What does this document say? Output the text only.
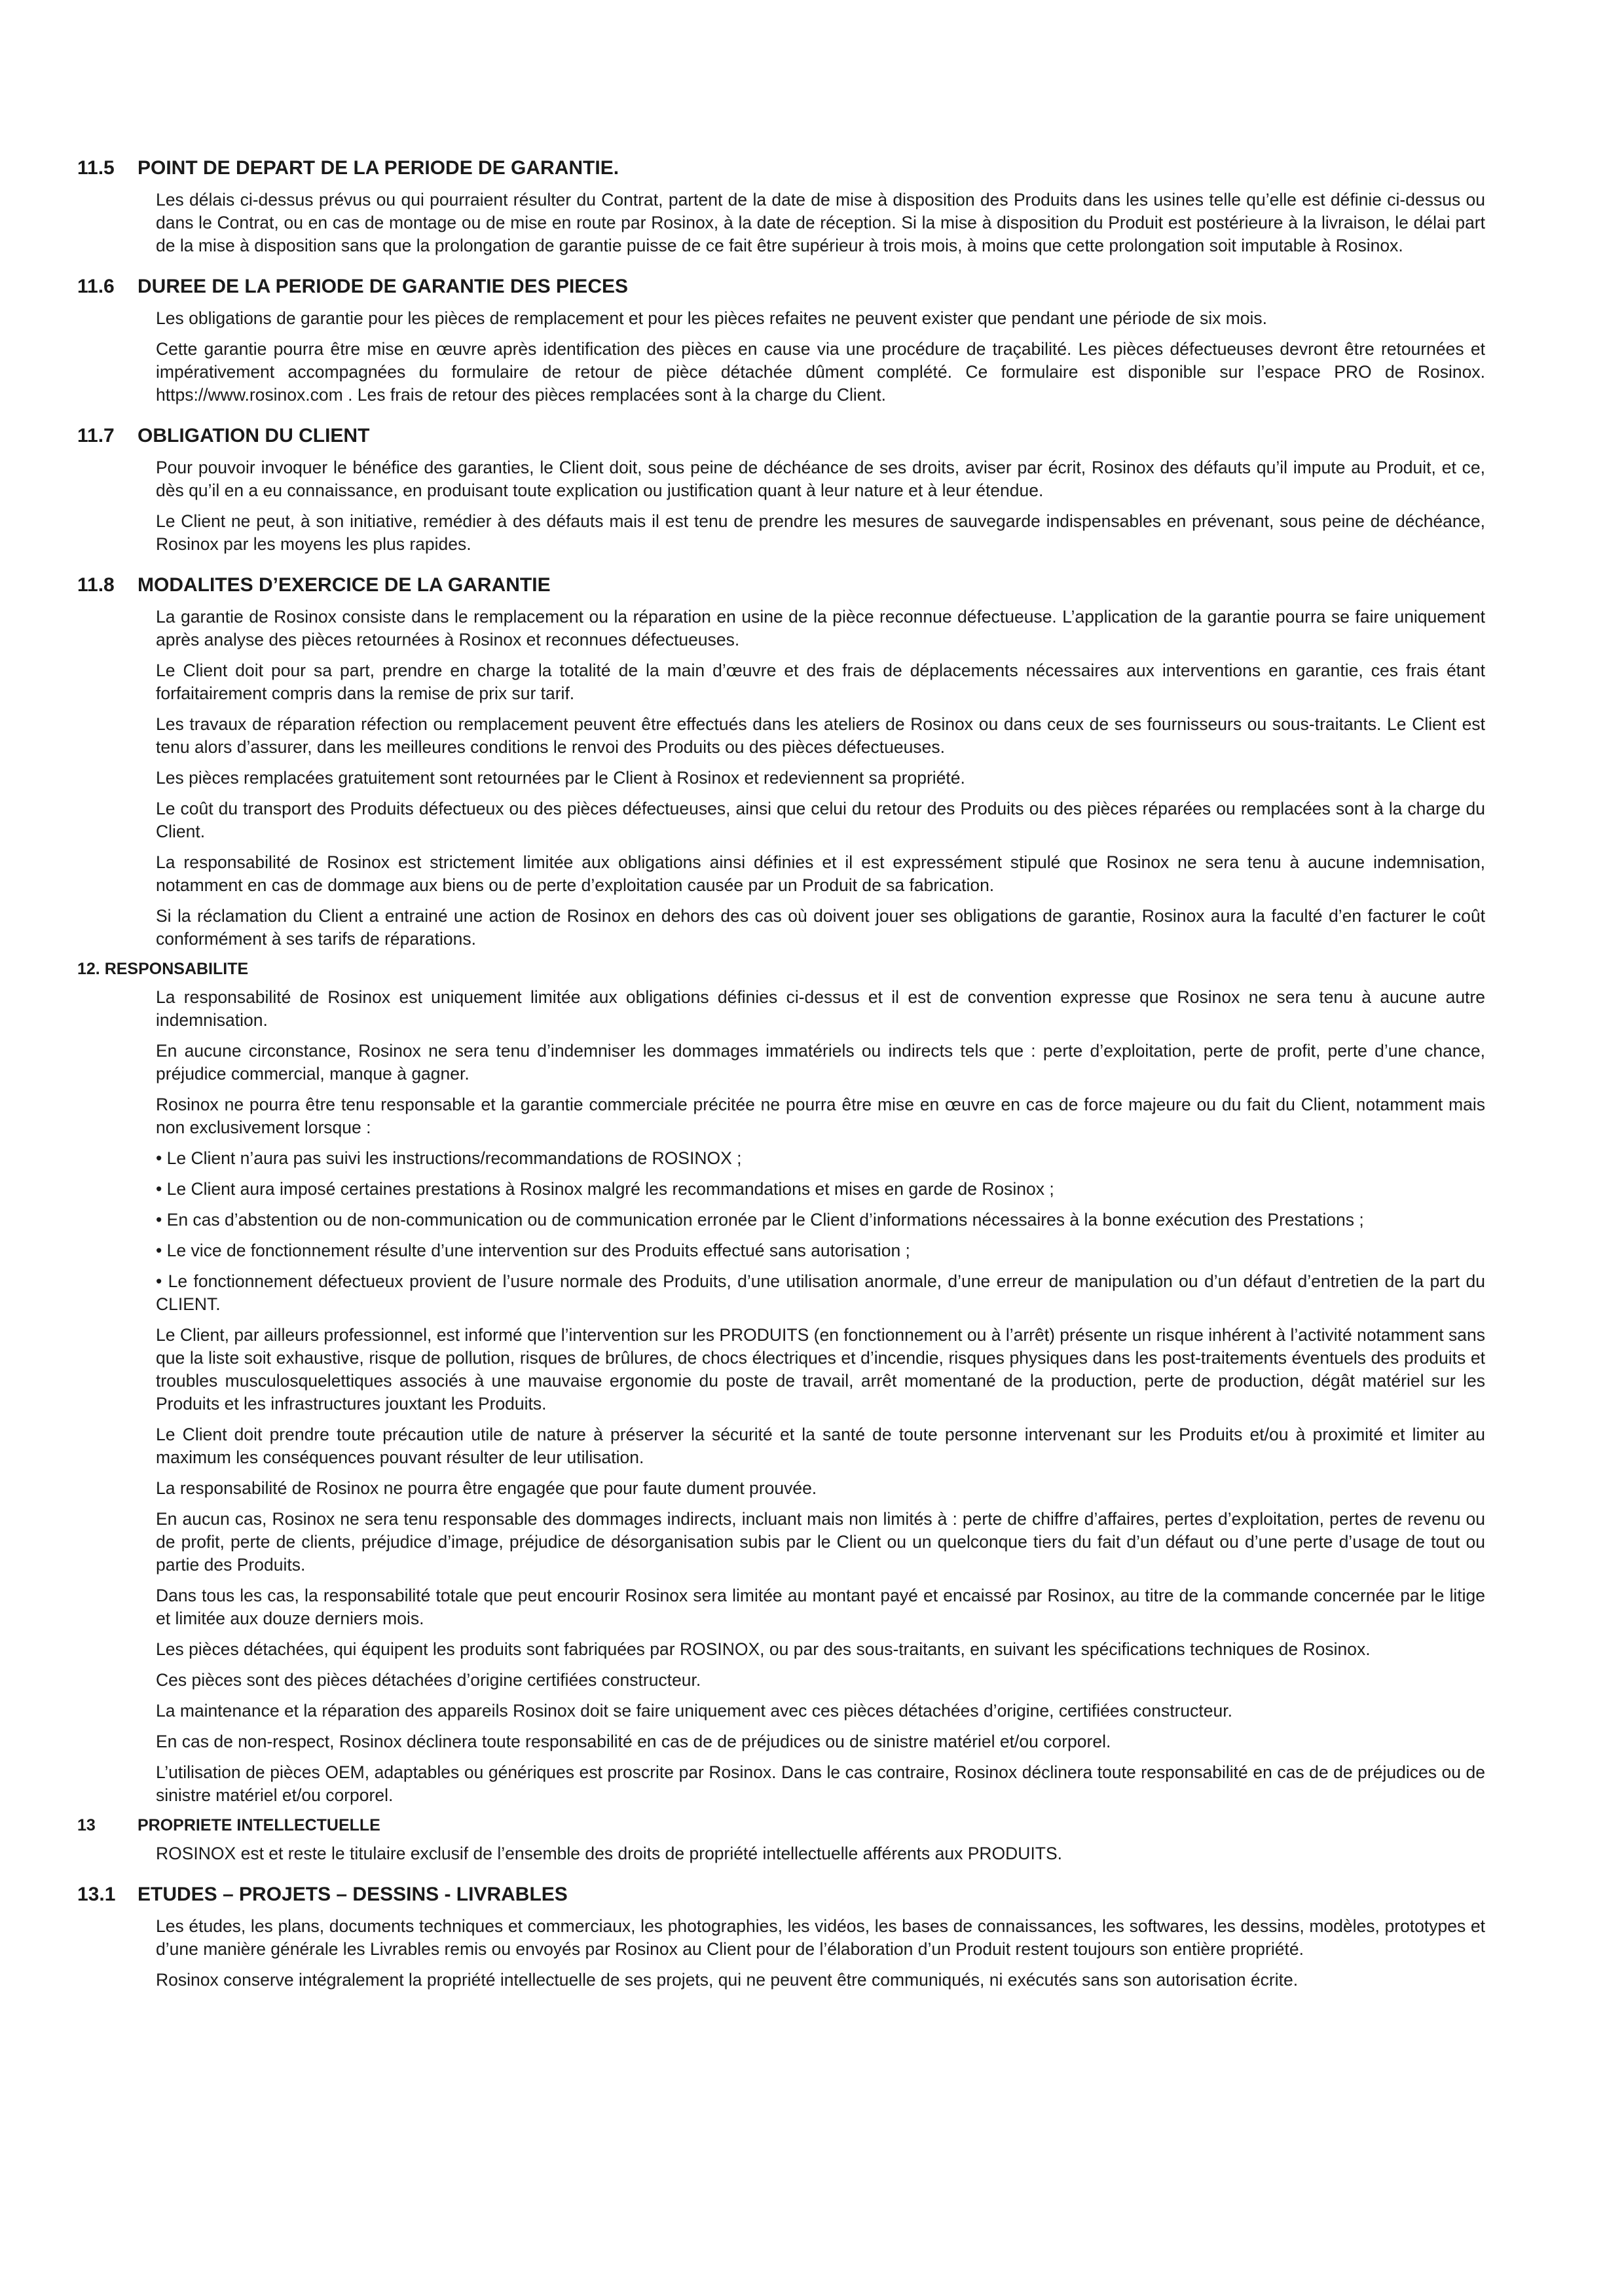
11.5	POINT DE DEPART DE LA PERIODE DE GARANTIE.

Les délais ci-dessus prévus ou qui pourraient résulter du Contrat, partent de la date de mise à disposition des Produits dans les usines telle qu’elle est définie ci-dessus ou dans le Contrat, ou en cas de montage ou de mise en route par Rosinox, à la date de réception. Si la mise à disposition du Produit est postérieure à la livraison, le délai part de la mise à disposition sans que la prolongation de garantie puisse de ce fait être supérieur à trois mois, à moins que cette prolongation soit imputable à Rosinox.

11.6	DUREE DE LA PERIODE DE GARANTIE DES PIECES

Les obligations de garantie pour les pièces de remplacement et pour les pièces refaites ne peuvent exister que pendant une période de six mois.

Cette garantie pourra être mise en œuvre après identification des pièces en cause via une procédure de traçabilité. Les pièces défectueuses devront être retournées et impérativement accompagnées du formulaire de retour de pièce détachée dûment complété. Ce formulaire est disponible sur l’espace PRO de Rosinox. https://www.rosinox.com . Les frais de retour des pièces remplacées sont à la charge du Client.

11.7	OBLIGATION DU CLIENT

Pour pouvoir invoquer le bénéfice des garanties, le Client doit, sous peine de déchéance de ses droits, aviser par écrit, Rosinox des défauts qu’il impute au Produit, et ce, dès qu’il en a eu connaissance, en produisant toute explication ou justification quant à leur nature et à leur étendue.

Le Client ne peut, à son initiative, remédier à des défauts mais il est tenu de prendre les mesures de sauvegarde indispensables en prévenant, sous peine de déchéance, Rosinox par les moyens les plus rapides.

11.8	MODALITES D’EXERCICE DE LA GARANTIE

La garantie de Rosinox consiste dans le remplacement ou la réparation en usine de la pièce reconnue défectueuse. L’application de la garantie pourra se faire uniquement après analyse des pièces retournées à Rosinox et reconnues défectueuses.

Le Client doit pour sa part, prendre en charge la totalité de la main d’œuvre et des frais de déplacements nécessaires aux interventions en garantie, ces frais étant forfaitairement compris dans la remise de prix sur tarif.

Les travaux de réparation réfection ou remplacement peuvent être effectués dans les ateliers de Rosinox ou dans ceux de ses fournisseurs ou sous-traitants. Le Client est tenu alors d’assurer, dans les meilleures conditions le renvoi des Produits ou des pièces défectueuses.

Les pièces remplacées gratuitement sont retournées par le Client à Rosinox et redeviennent sa propriété.

Le coût du transport des Produits défectueux ou des pièces défectueuses, ainsi que celui du retour des Produits ou des pièces réparées ou remplacées sont à la charge du Client.

La responsabilité de Rosinox est strictement limitée aux obligations ainsi définies et il est expressément stipulé que Rosinox ne sera tenu à aucune indemnisation, notamment en cas de dommage aux biens ou de perte d’exploitation causée par un Produit de sa fabrication.

Si la réclamation du Client a entrainé une action de Rosinox en dehors des cas où doivent jouer ses obligations de garantie, Rosinox aura la faculté d’en facturer le coût conformément à ses tarifs de réparations.

12. RESPONSABILITE

La responsabilité de Rosinox est uniquement limitée aux obligations définies ci-dessus et il est de convention expresse que Rosinox ne sera tenu à aucune autre indemnisation.

En aucune circonstance, Rosinox ne sera tenu d’indemniser les dommages immatériels ou indirects tels que : perte d’exploitation, perte de profit, perte d’une chance, préjudice commercial, manque à gagner.

Rosinox ne pourra être tenu responsable et la garantie commerciale précitée ne pourra être mise en œuvre en cas de force majeure ou du fait du Client, notamment mais non exclusivement lorsque :

• Le Client n’aura pas suivi les instructions/recommandations de ROSINOX ;

• Le Client aura imposé certaines prestations à Rosinox malgré les recommandations et mises en garde de Rosinox ;

• En cas d’abstention ou de non-communication ou de communication erronée par le Client d’informations nécessaires à la bonne exécution des Prestations ;

• Le vice de fonctionnement résulte d’une intervention sur des Produits effectué sans autorisation ;

• Le fonctionnement défectueux provient de l’usure normale des Produits, d’une utilisation anormale, d’une erreur de manipulation ou d’un défaut d’entretien de la part du CLIENT.

Le Client, par ailleurs professionnel, est informé que l’intervention sur les PRODUITS (en fonctionnement ou à l’arrêt) présente un risque inhérent à l’activité notamment sans que la liste soit exhaustive, risque de pollution, risques de brûlures, de chocs électriques et d’incendie, risques physiques dans les post-traitements éventuels des produits et troubles musculosquelettiques associés à une mauvaise ergonomie du poste de travail, arrêt momentané de la production, perte de production, dégât matériel sur les Produits et les infrastructures jouxtant les Produits.

Le Client doit prendre toute précaution utile de nature à préserver la sécurité et la santé de toute personne intervenant sur les Produits et/ou à proximité et limiter au maximum les conséquences pouvant résulter de leur utilisation.

La responsabilité de Rosinox ne pourra être engagée que pour faute dument prouvée.

En aucun cas, Rosinox ne sera tenu responsable des dommages indirects, incluant mais non limités à : perte de chiffre d’affaires, pertes d’exploitation, pertes de revenu ou de profit, perte de clients, préjudice d’image, préjudice de désorganisation subis par le Client ou un quelconque tiers du fait d’un défaut ou d’une perte d’usage de tout ou partie des Produits.

Dans tous les cas, la responsabilité totale que peut encourir Rosinox sera limitée au montant payé et encaissé par Rosinox, au titre de la commande concernée par le litige et limitée aux douze derniers mois.

Les pièces détachées, qui équipent les produits sont fabriquées par ROSINOX, ou par des sous-traitants, en suivant les spécifications techniques de Rosinox.

Ces pièces sont des pièces détachées d’origine certifiées constructeur.

La maintenance et la réparation des appareils Rosinox doit se faire uniquement avec ces pièces détachées d’origine, certifiées constructeur.

En cas de non-respect, Rosinox déclinera toute responsabilité en cas de de préjudices ou de sinistre matériel et/ou corporel.

L’utilisation de pièces OEM, adaptables ou génériques est proscrite par Rosinox. Dans le cas contraire, Rosinox déclinera toute responsabilité en cas de de préjudices ou de sinistre matériel et/ou corporel.

13	PROPRIETE INTELLECTUELLE

ROSINOX est et reste le titulaire exclusif de l’ensemble des droits de propriété intellectuelle afférents aux PRODUITS.

13.1	ETUDES – PROJETS – DESSINS - LIVRABLES

Les études, les plans, documents techniques et commerciaux, les photographies, les vidéos, les bases de connaissances, les softwares, les dessins, modèles, prototypes et d’une manière générale les Livrables remis ou envoyés par Rosinox au Client pour de l’élaboration d’un Produit restent toujours son entière propriété.

Rosinox conserve intégralement la propriété intellectuelle de ses projets, qui ne peuvent être communiqués, ni exécutés sans son autorisation écrite.
